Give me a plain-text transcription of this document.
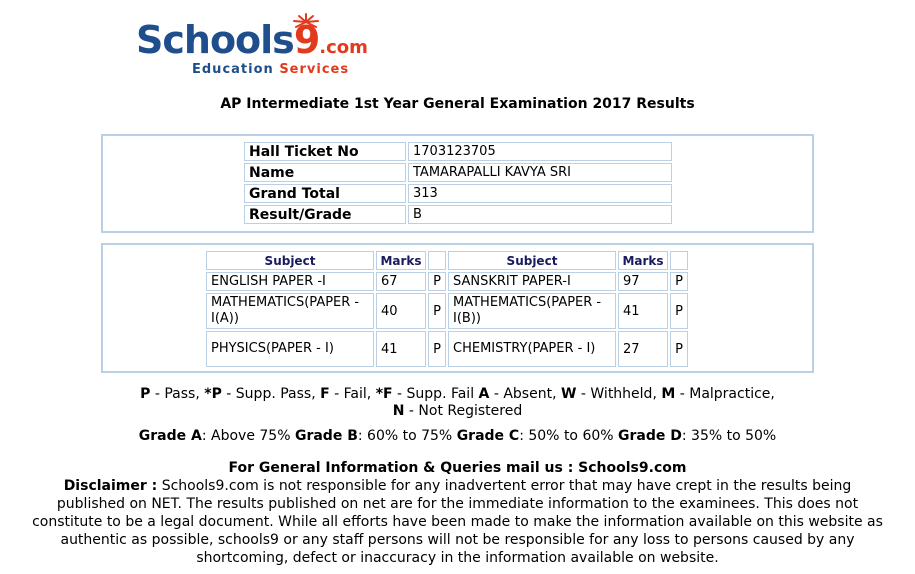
Schools9.com
Education Services
AP Intermediate 1st Year General Examination 2017 Results
Hall Ticket No	1703123705
Name	TAMARAPALLI KAVYA SRI
Grand Total	313
Result/Grade	B
Subject	Marks		Subject	Marks	
ENGLISH PAPER -I	67	P	SANSKRIT PAPER-I	97	P
MATHEMATICS(PAPER - I(A))	40	P	MATHEMATICS(PAPER - I(B))	41	P
PHYSICS(PAPER - I)	41	P	CHEMISTRY(PAPER - I)	27	P
P - Pass, *P - Supp. Pass, F - Fail, *F - Supp. Fail A - Absent, W - Withheld, M - Malpractice,
N - Not Registered
Grade A: Above 75% Grade B: 60% to 75% Grade C: 50% to 60% Grade D: 35% to 50%
For General Information & Queries mail us : Schools9.com
Disclaimer : Schools9.com is not responsible for any inadvertent error that may have crept in the results being
published on NET. The results published on net are for the immediate information to the examinees. This does not
constitute to be a legal document. While all efforts have been made to make the information available on this website as
authentic as possible, schools9 or any staff persons will not be responsible for any loss to persons caused by any
shortcoming, defect or inaccuracy in the information available on website.
